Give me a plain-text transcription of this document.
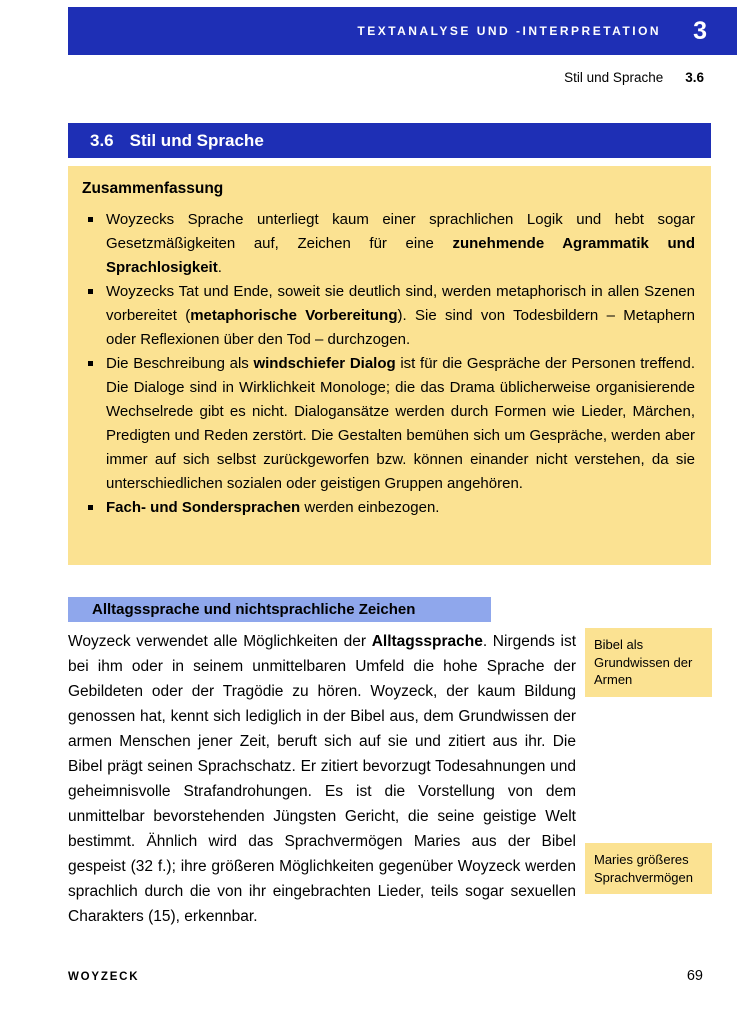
TEXTANALYSE UND -INTERPRETATION 3
Stil und Sprache 3.6
3.6 Stil und Sprache
Zusammenfassung

Woyzecks Sprache unterliegt kaum einer sprachlichen Logik und hebt sogar Gesetzmäßigkeiten auf, Zeichen für eine zunehmende Agrammatik und Sprachlosigkeit.

Woyzecks Tat und Ende, soweit sie deutlich sind, werden metaphorisch in allen Szenen vorbereitet (metaphorische Vorbereitung). Sie sind von Todesbildern – Metaphern oder Reflexionen über den Tod – durchzogen.

Die Beschreibung als windschiefer Dialog ist für die Gespräche der Personen treffend. Die Dialoge sind in Wirklichkeit Monologe; die das Drama üblicherweise organisierende Wechselrede gibt es nicht. Dialogansätze werden durch Formen wie Lieder, Märchen, Predigten und Reden zerstört. Die Gestalten bemühen sich um Gespräche, werden aber immer auf sich selbst zurückgeworfen bzw. können einander nicht verstehen, da sie unterschiedlichen sozialen oder geistigen Gruppen angehören.

Fach- und Sondersprachen werden einbezogen.

Alltagssprache und nichtsprachliche Zeichen

Woyzeck verwendet alle Möglichkeiten der Alltagssprache. Nirgends ist bei ihm oder in seinem unmittelbaren Umfeld die hohe Sprache der Gebildeten oder der Tragödie zu hören. Woyzeck, der kaum Bildung genossen hat, kennt sich lediglich in der Bibel aus, dem Grundwissen der armen Menschen jener Zeit, beruft sich auf sie und zitiert aus ihr. Die Bibel prägt seinen Sprachschatz. Er zitiert bevorzugt Todesahnungen und geheimnisvolle Strafandrohungen. Es ist die Vorstellung von dem unmittelbar bevorstehenden Jüngsten Gericht, die seine geistige Welt bestimmt. Ähnlich wird das Sprachvermögen Maries aus der Bibel gespeist (32 f.); ihre größeren Möglichkeiten gegenüber Woyzeck werden sprachlich durch die von ihr eingebrachten Lieder, teils sogar sexuellen Charakters (15), erkennbar.

Bibel als Grundwissen der Armen
Maries größeres Sprachvermögen
WOYZECK	69
